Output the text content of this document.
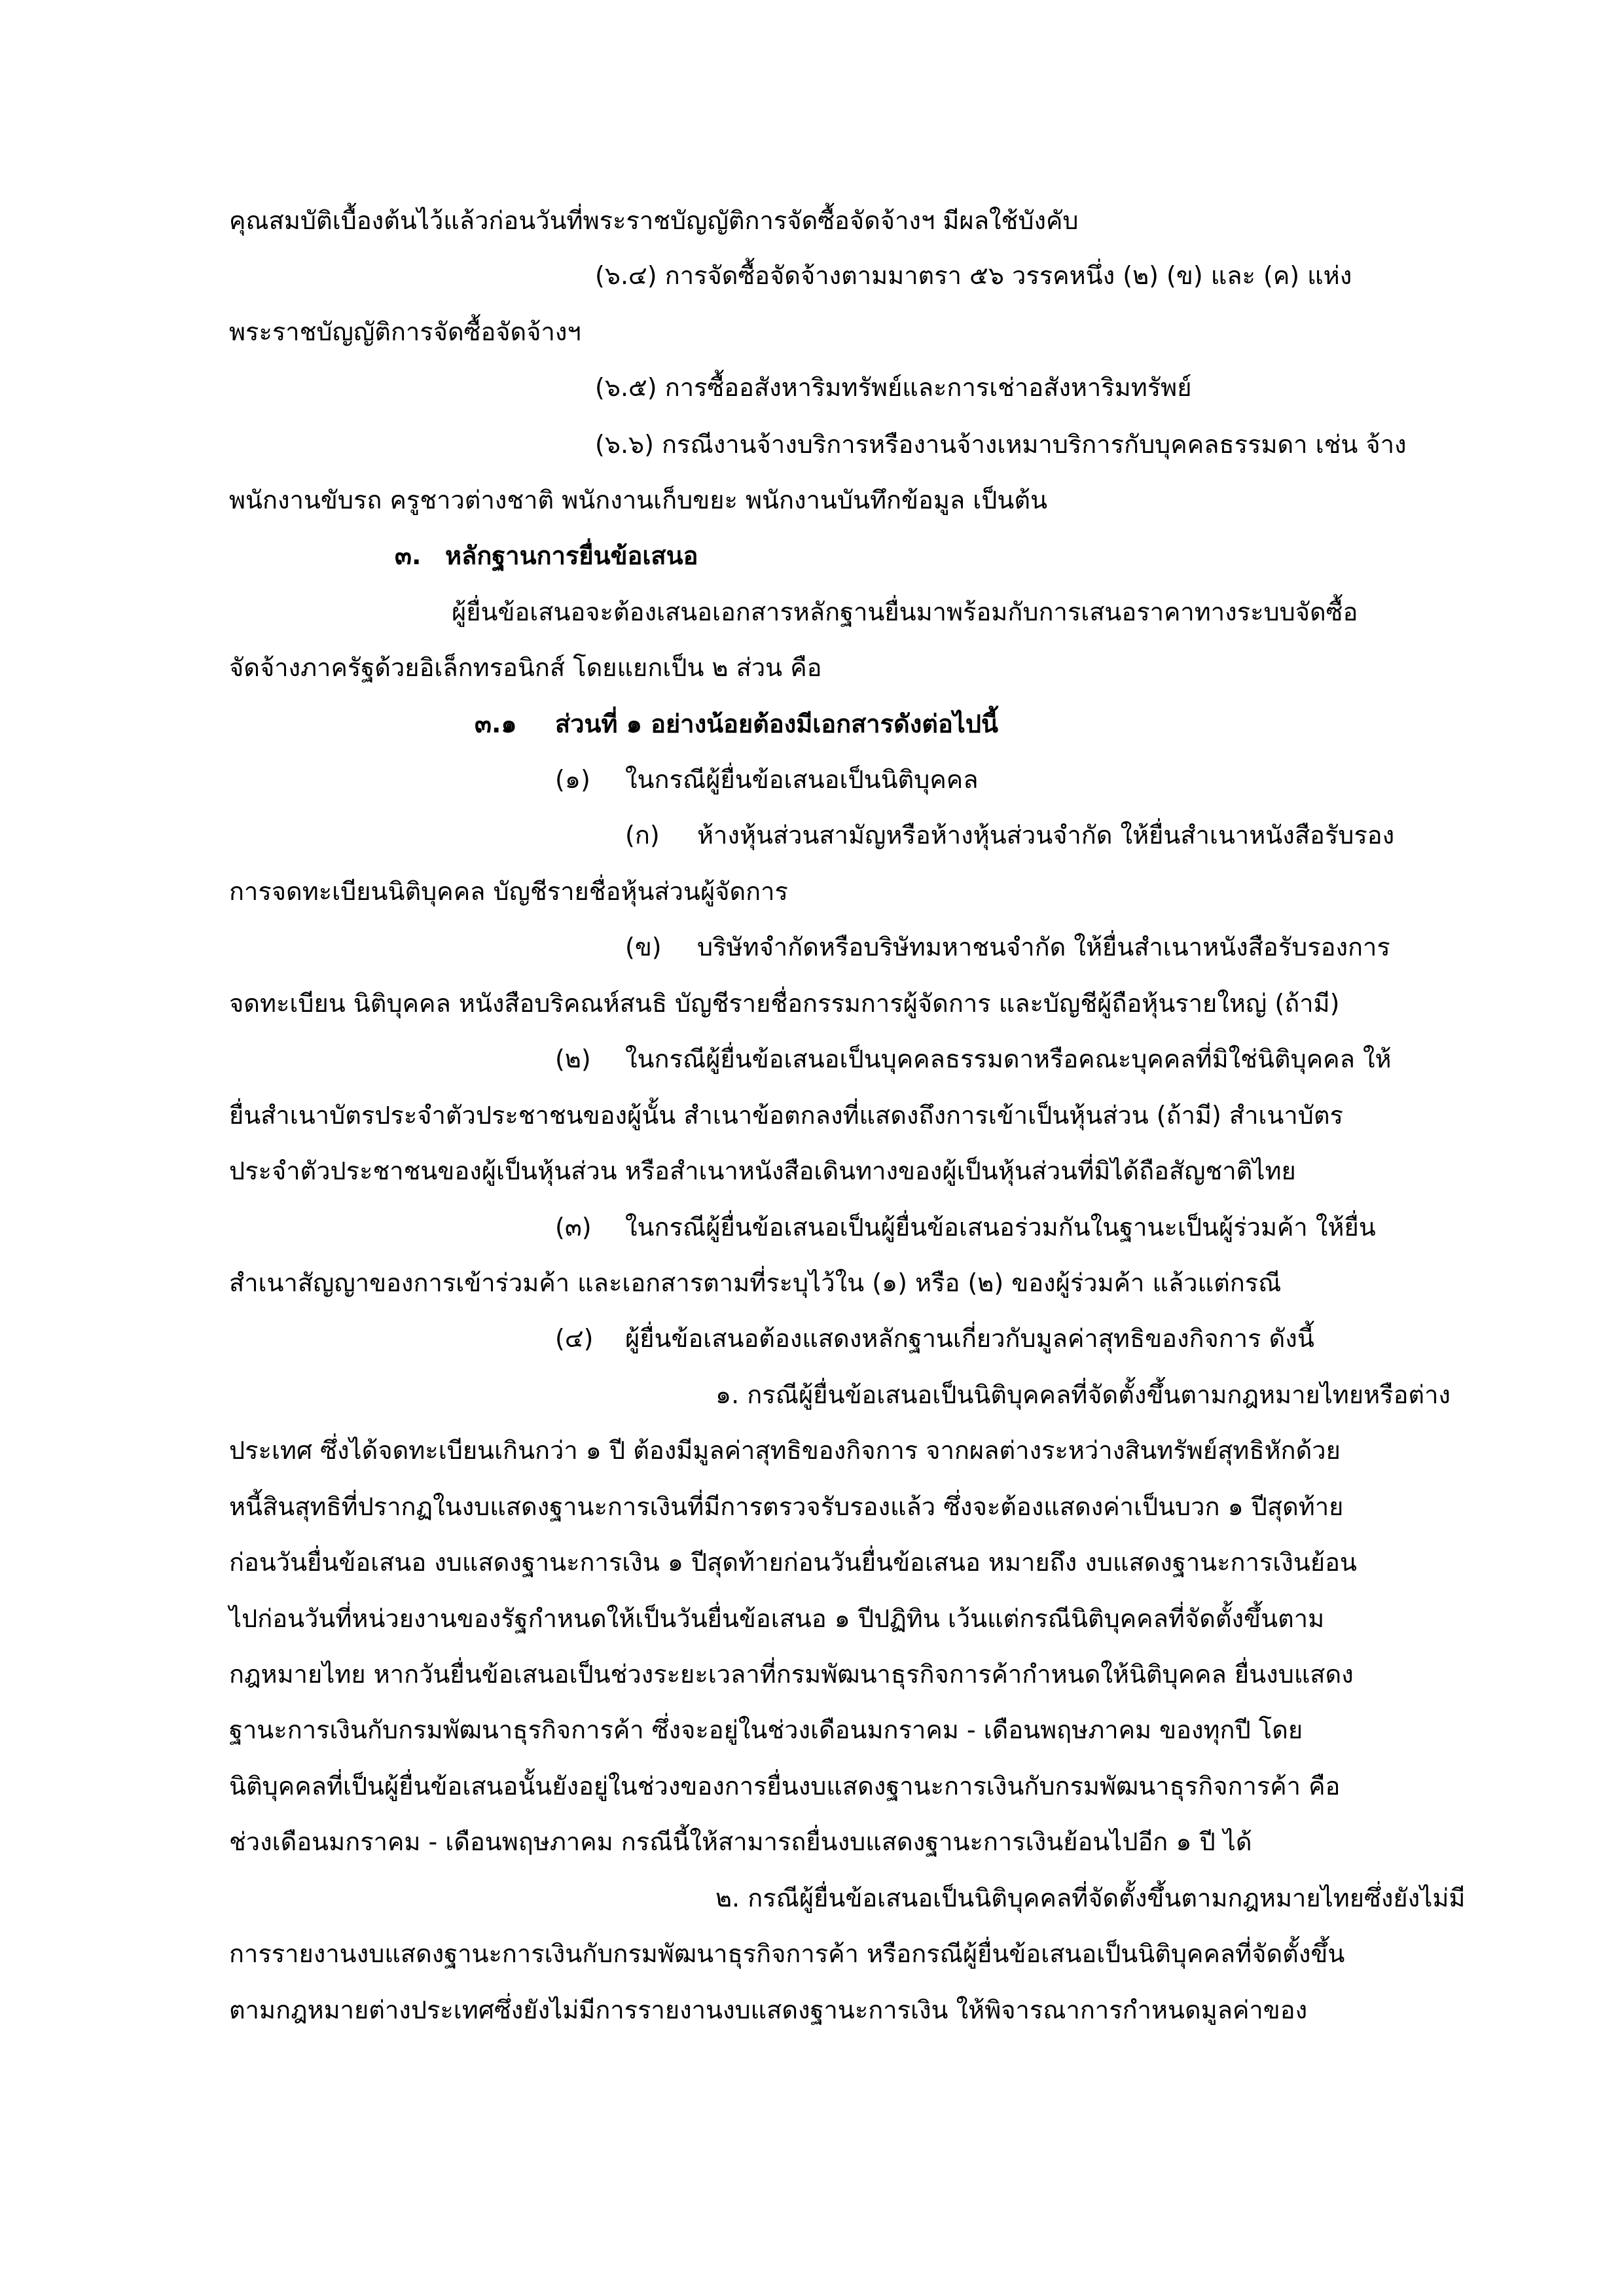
คุณสมบัติเบื้องต้นไว้แล้วก่อนวันที่พระราชบัญญัติการจัดซื้อจัดจ้างฯ มีผลใช้บังคับ
(๖.๔) การจัดซื้อจัดจ้างตามมาตรา ๕๖ วรรคหนึ่ง (๒) (ข) และ (ค) แห่ง
พระราชบัญญัติการจัดซื้อจัดจ้างฯ
(๖.๕) การซื้ออสังหาริมทรัพย์และการเช่าอสังหาริมทรัพย์
(๖.๖) กรณีงานจ้างบริการหรืองานจ้างเหมาบริการกับบุคคลธรรมดา เช่น จ้าง
พนักงานขับรถ ครูชาวต่างชาติ พนักงานเก็บขยะ พนักงานบันทึกข้อมูล เป็นต้น
๓. หลักฐานการยื่นข้อเสนอ
ผู้ยื่นข้อเสนอจะต้องเสนอเอกสารหลักฐานยื่นมาพร้อมกับการเสนอราคาทางระบบจัดซื้อ
จัดจ้างภาครัฐด้วยอิเล็กทรอนิกส์ โดยแยกเป็น ๒ ส่วน คือ
๓.๑ ส่วนที่ ๑ อย่างน้อยต้องมีเอกสารดังต่อไปนี้
(๑) ในกรณีผู้ยื่นข้อเสนอเป็นนิติบุคคล
(ก) ห้างหุ้นส่วนสามัญหรือห้างหุ้นส่วนจำกัด ให้ยื่นสำเนาหนังสือรับรอง
การจดทะเบียนนิติบุคคล บัญชีรายชื่อหุ้นส่วนผู้จัดการ
(ข) บริษัทจำกัดหรือบริษัทมหาชนจำกัด ให้ยื่นสำเนาหนังสือรับรองการ
จดทะเบียน นิติบุคคล หนังสือบริคณห์สนธิ บัญชีรายชื่อกรรมการผู้จัดการ และบัญชีผู้ถือหุ้นรายใหญ่ (ถ้ามี)
(๒) ในกรณีผู้ยื่นข้อเสนอเป็นบุคคลธรรมดาหรือคณะบุคคลที่มิใช่นิติบุคคล ให้
ยื่นสำเนาบัตรประจำตัวประชาชนของผู้นั้น สำเนาข้อตกลงที่แสดงถึงการเข้าเป็นหุ้นส่วน (ถ้ามี) สำเนาบัตร
ประจำตัวประชาชนของผู้เป็นหุ้นส่วน หรือสำเนาหนังสือเดินทางของผู้เป็นหุ้นส่วนที่มิได้ถือสัญชาติไทย
(๓) ในกรณีผู้ยื่นข้อเสนอเป็นผู้ยื่นข้อเสนอร่วมกันในฐานะเป็นผู้ร่วมค้า ให้ยื่น
สำเนาสัญญาของการเข้าร่วมค้า และเอกสารตามที่ระบุไว้ใน (๑) หรือ (๒) ของผู้ร่วมค้า แล้วแต่กรณี
(๔) ผู้ยื่นข้อเสนอต้องแสดงหลักฐานเกี่ยวกับมูลค่าสุทธิของกิจการ ดังนี้
๑. กรณีผู้ยื่นข้อเสนอเป็นนิติบุคคลที่จัดตั้งขึ้นตามกฎหมายไทยหรือต่าง
ประเทศ ซึ่งได้จดทะเบียนเกินกว่า ๑ ปี ต้องมีมูลค่าสุทธิของกิจการ จากผลต่างระหว่างสินทรัพย์สุทธิหักด้วย
หนี้สินสุทธิที่ปรากฏในงบแสดงฐานะการเงินที่มีการตรวจรับรองแล้ว ซึ่งจะต้องแสดงค่าเป็นบวก ๑ ปีสุดท้าย
ก่อนวันยื่นข้อเสนอ งบแสดงฐานะการเงิน ๑ ปีสุดท้ายก่อนวันยื่นข้อเสนอ หมายถึง งบแสดงฐานะการเงินย้อน
ไปก่อนวันที่หน่วยงานของรัฐกำหนดให้เป็นวันยื่นข้อเสนอ ๑ ปีปฏิทิน เว้นแต่กรณีนิติบุคคลที่จัดตั้งขึ้นตาม
กฎหมายไทย หากวันยื่นข้อเสนอเป็นช่วงระยะเวลาที่กรมพัฒนาธุรกิจการค้ากำหนดให้นิติบุคคล ยื่นงบแสดง
ฐานะการเงินกับกรมพัฒนาธุรกิจการค้า ซึ่งจะอยู่ในช่วงเดือนมกราคม - เดือนพฤษภาคม ของทุกปี โดย
นิติบุคคลที่เป็นผู้ยื่นข้อเสนอนั้นยังอยู่ในช่วงของการยื่นงบแสดงฐานะการเงินกับกรมพัฒนาธุรกิจการค้า คือ
ช่วงเดือนมกราคม - เดือนพฤษภาคม กรณีนี้ให้สามารถยื่นงบแสดงฐานะการเงินย้อนไปอีก ๑ ปี ได้
๒. กรณีผู้ยื่นข้อเสนอเป็นนิติบุคคลที่จัดตั้งขึ้นตามกฎหมายไทยซึ่งยังไม่มี
การรายงานงบแสดงฐานะการเงินกับกรมพัฒนาธุรกิจการค้า หรือกรณีผู้ยื่นข้อเสนอเป็นนิติบุคคลที่จัดตั้งขึ้น
ตามกฎหมายต่างประเทศซึ่งยังไม่มีการรายงานงบแสดงฐานะการเงิน ให้พิจารณาการกำหนดมูลค่าของ
